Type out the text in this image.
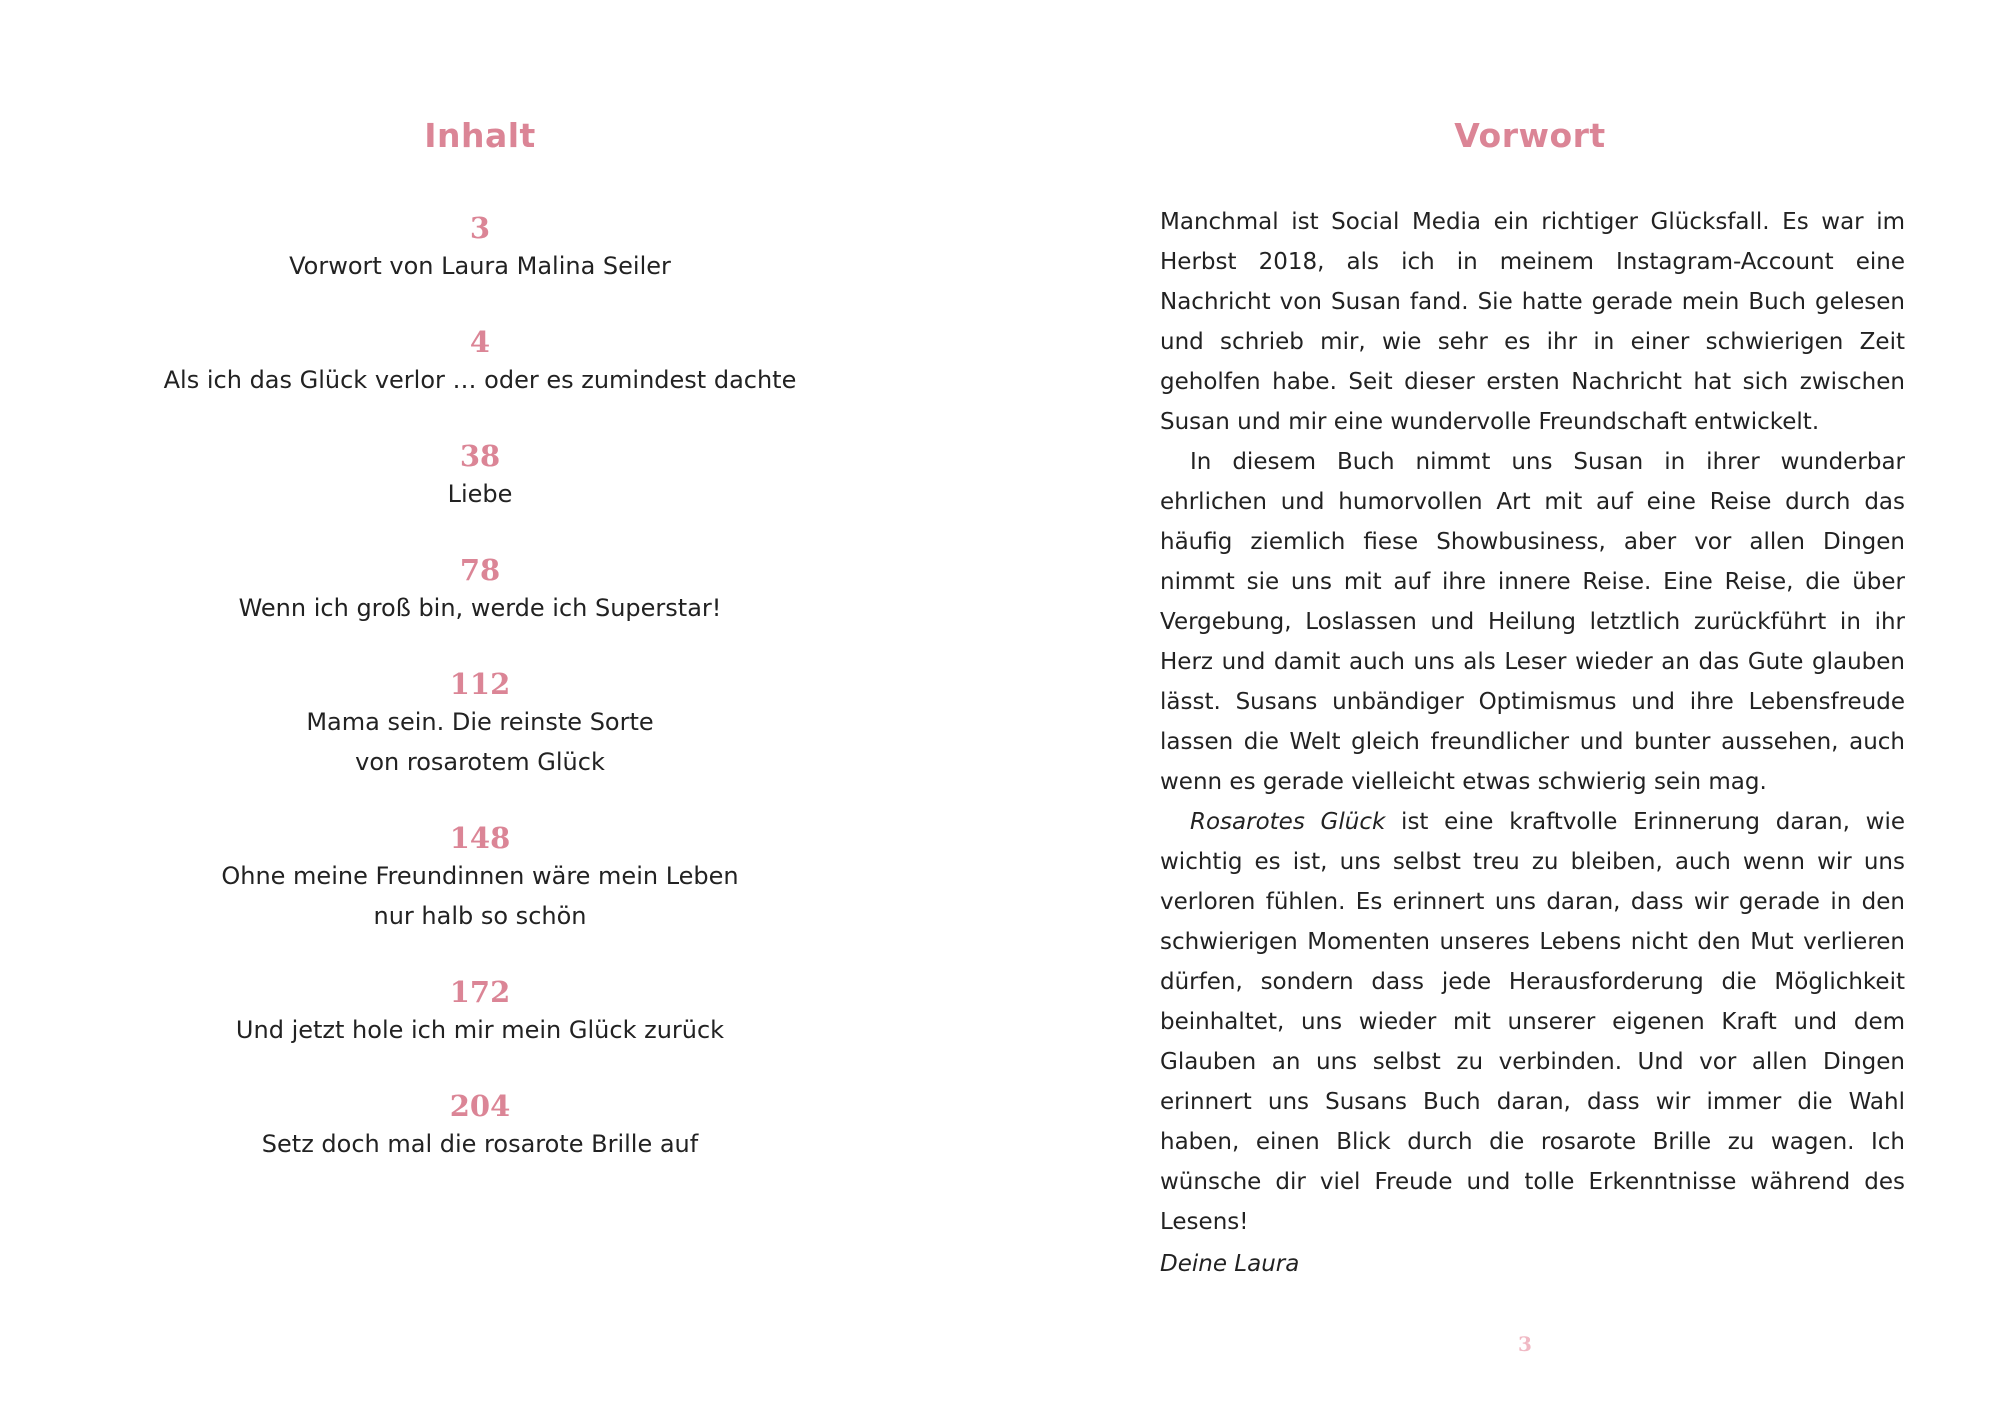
Inhalt
3
Vorwort von Laura Malina Seiler
4
Als ich das Glück verlor … oder es zumindest dachte
38
Liebe
78
Wenn ich groß bin, werde ich Superstar!
112
Mama sein. Die reinste Sorte
von rosarotem Glück
148
Ohne meine Freundinnen wäre mein Leben
nur halb so schön
172
Und jetzt hole ich mir mein Glück zurück
204
Setz doch mal die rosarote Brille auf
Vorwort

Manchmal ist Social Media ein richtiger Glücksfall. Es war im Herbst 2018, als ich in meinem Instagram-Account eine Nachricht von Susan fand. Sie hatte gerade mein Buch gelesen und schrieb mir, wie sehr es ihr in einer schwierigen Zeit geholfen habe. Seit dieser ersten Nachricht hat sich zwischen Susan und mir eine wundervolle Freundschaft entwickelt.

In diesem Buch nimmt uns Susan in ihrer wunderbar ehrlichen und humorvollen Art mit auf eine Reise durch das häufig ziemlich fiese Showbusiness, aber vor allen Dingen nimmt sie uns mit auf ihre innere Reise. Eine Reise, die über Vergebung, Loslassen und Heilung letztlich zurückführt in ihr Herz und damit auch uns als Leser wieder an das Gute glauben lässt. Susans unbändiger Optimismus und ihre Lebensfreude lassen die Welt gleich freundlicher und bunter aussehen, auch wenn es gerade vielleicht etwas schwierig sein mag.

Rosarotes Glück ist eine kraftvolle Erinnerung daran, wie wichtig es ist, uns selbst treu zu bleiben, auch wenn wir uns verloren fühlen. Es erinnert uns daran, dass wir gerade in den schwierigen Momenten unseres Lebens nicht den Mut verlieren dürfen, sondern dass jede Herausforderung die Möglichkeit beinhaltet, uns wieder mit unserer eigenen Kraft und dem Glauben an uns selbst zu verbinden. Und vor allen Dingen erinnert uns Susans Buch daran, dass wir immer die Wahl haben, einen Blick durch die rosarote Brille zu wagen. Ich wünsche dir viel Freude und tolle Erkenntnisse während des Lesens!

Deine Laura
3
